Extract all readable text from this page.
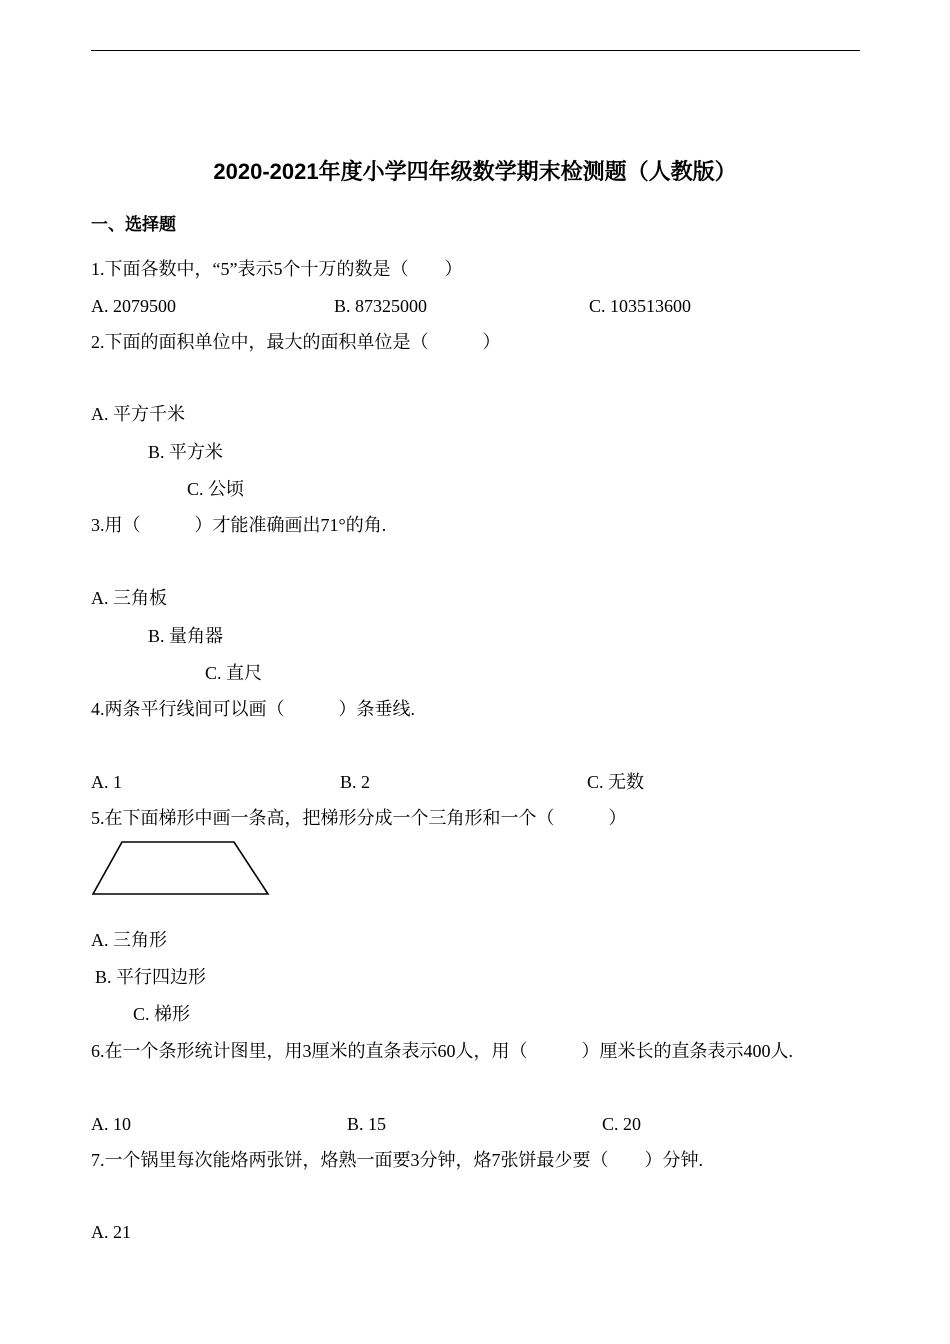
2020-2021年度小学四年级数学期末检测题（人教版）
一、选择题
1.下面各数中，“5”表示5个十万的数是（　　）
A. 2079500	B. 87325000	C. 103513600
2.下面的面积单位中，最大的面积单位是（　　　）
A. 平方千米
B. 平方米
C. 公顷
3.用（　　　）才能准确画出71°的角.
A. 三角板
B. 量角器
C. 直尺
4.两条平行线间可以画（　　　）条垂线.
A. 1	B. 2	C. 无数
5.在下面梯形中画一条高，把梯形分成一个三角形和一个（　　　）
A. 三角形
B. 平行四边形
C. 梯形
6.在一个条形统计图里，用3厘米的直条表示60人，用（　　　）厘米长的直条表示400人.
A. 10	B. 15	C. 20
7.一个锅里每次能烙两张饼，烙熟一面要3分钟，烙7张饼最少要（　　）分钟.
A. 21
